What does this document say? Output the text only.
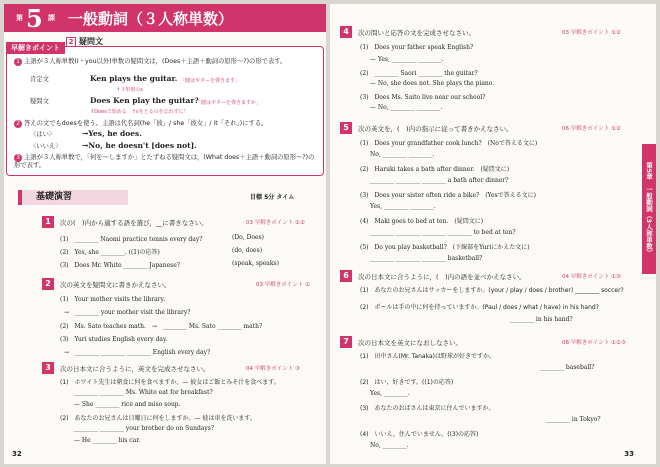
第 5 課 一般動詞（３人称単数）
2 疑問文
早解きポイント
1 主語が３人称単数(I・you以外)単数の疑問文は，(Does＋主語＋動詞の原形～?)の形で表す。
肯定文	Ken plays the guitar. 「健はギターを弾きます」
↑３単現のs
疑問文	Does Ken play the guitar?
「健はギターを弾きますか」
↑Doesで始める　↑sをとるのを忘れずに！
2 答えの文でもdoesを使う。主語は代名詞(he「彼」/ she「彼女」/ it「それ」)にする。
〈はい〉	→Yes, he does.
〈いいえ〉	→No, he doesn't [does not].
3 主語が３人称単数で，「何を～しますか」とたずねる疑問文は，(What does＋主語＋動詞の原形～?)の形で表す。
基礎演習	目標 5分 タイム
1	次の(　)内から適する語を選び，__に書きなさい。	03 早解きポイント ①②
(1)　________ Naomi practice tennis every day?	(Do, Does)
(2)　Yes, she ________. ((1)の応答)	(do, does)
(3)　Does Mr. White ________ Japanese?	(speak, speaks)
2	次の英文を疑問文に書きかえなさい。	03 早解きポイント ①
(1)　Your mother visits the library.
→　________ your mother visit the library?
(2)　Ms. Sato teaches math.　→　________ Ms. Sato ________ math?
(3)　Yuri studies English every day.
→　________ ________ ________ English every day?
3	次の日本文に合うように，英文を完成させなさい。	04 早解きポイント ③
(1)　ホワイト先生は朝食に何を食べますか。— 彼女はご飯とみそ汁を食べます。
________ ________ Ms. White eat for breakfast?
— She ________ rice and miso soup.
(2)　あなたのお兄さんは日曜日に何をしますか。— 彼は車を洗います。
________ ________ your brother do on Sundays?
— He ________ his car.
32
4	次の問いと応答の文を完成させなさい。	03 早解きポイント ①②
(1)　Does your father speak English?
— Yes, ________ ________.
(2)　________ Saori ________ the guitar?
— No, she does not. She plays the piano.
(3)　Does Ms. Saito live near our school?
— No, ________ ________.
5	次の英文を，(　)内の指示に従って書きかえなさい。	06 早解きポイント ①②
(1)　Does your grandfather cook lunch?　(Noで答える文に)
No, ________ ________.
(2)　Haruki takes a bath after dinner.　(疑問文に)
________ ________ ________ a bath after dinner?
(3)　Does your sister often ride a bike?　(Yesで答える文に)
Yes, ________ ________.
(4)　Maki goes to bed at ten.　(疑問文に)
________ ________ ________ ________ to bed at ten?
(5)　Do you play basketball?　(下線部をYuriにかえた文に)
________ ________ ________ basketball?
6	次の日本文に合うように，(　)内の語を並べかえなさい。	04 早解きポイント ①③
(1)　あなたのお兄さんはサッカーをしますか。(your / play / does / brother) ________ soccer?
(2)　ポールは手の中に何を持っていますか。(Paul / does / what / have) in his hand?
________ in his hand?
7	次の日本文を英文になおしなさい。	08 早解きポイント ①②③
(1)　田中さん(Mr. Tanaka)は野球が好きですか。
________ baseball?
(2)　はい，好きです。((1)の応答)
Yes, ________.
(3)　あなたのおばさんは東京に住んでいますか。
________ in Tokyo?
(4)　いいえ，住んでいません。((3)の応答)
No, ________.
第5章　一般動詞（3人称単数）
33
